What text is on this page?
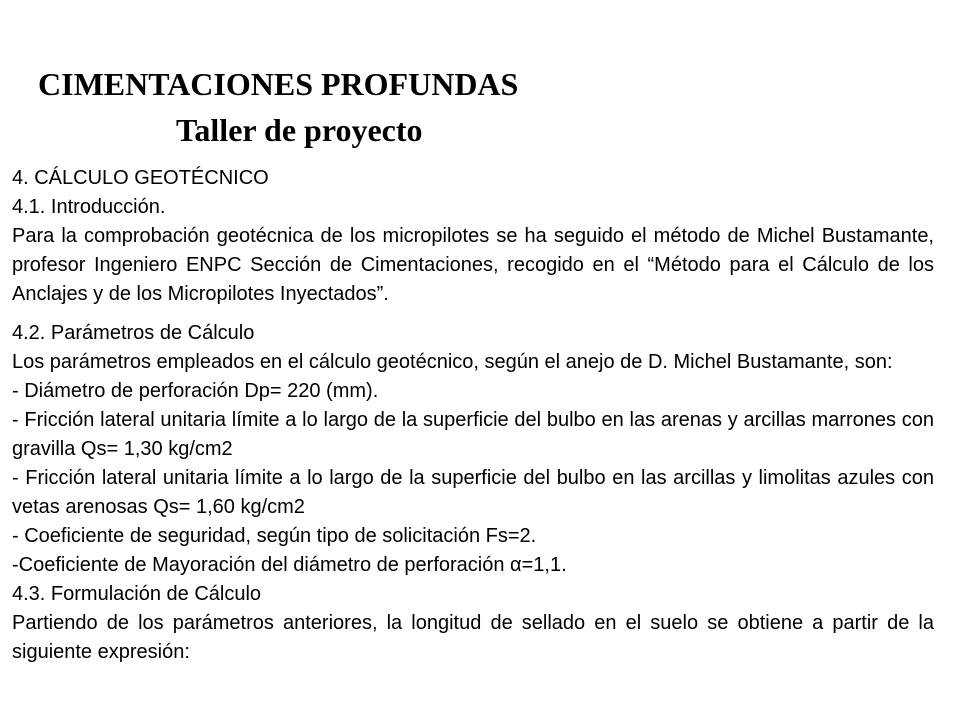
CIMENTACIONES PROFUNDAS
Taller de proyecto

4. CÁLCULO GEOTÉCNICO

4.1. Introducción.

Para la comprobación geotécnica de los micropilotes se ha seguido el método de Michel Bustamante, profesor Ingeniero ENPC Sección de Cimentaciones, recogido en el “Método para el Cálculo de los Anclajes y de los Micropilotes Inyectados”.

4.2. Parámetros de Cálculo

Los parámetros empleados en el cálculo geotécnico, según el anejo de D. Michel Bustamante, son:

- Diámetro de perforación Dp= 220 (mm).

- Fricción lateral unitaria límite a lo largo de la superficie del bulbo en las arenas y arcillas marrones con gravilla Qs= 1,30 kg/cm2

- Fricción lateral unitaria límite a lo largo de la superficie del bulbo en las arcillas y limolitas azules con vetas arenosas Qs= 1,60 kg/cm2

- Coeficiente de seguridad, según tipo de solicitación Fs=2.

-Coeficiente de Mayoración del diámetro de perforación α=1,1.

4.3. Formulación de Cálculo

Partiendo de los parámetros anteriores, la longitud de sellado en el suelo se obtiene a partir de la siguiente expresión:
